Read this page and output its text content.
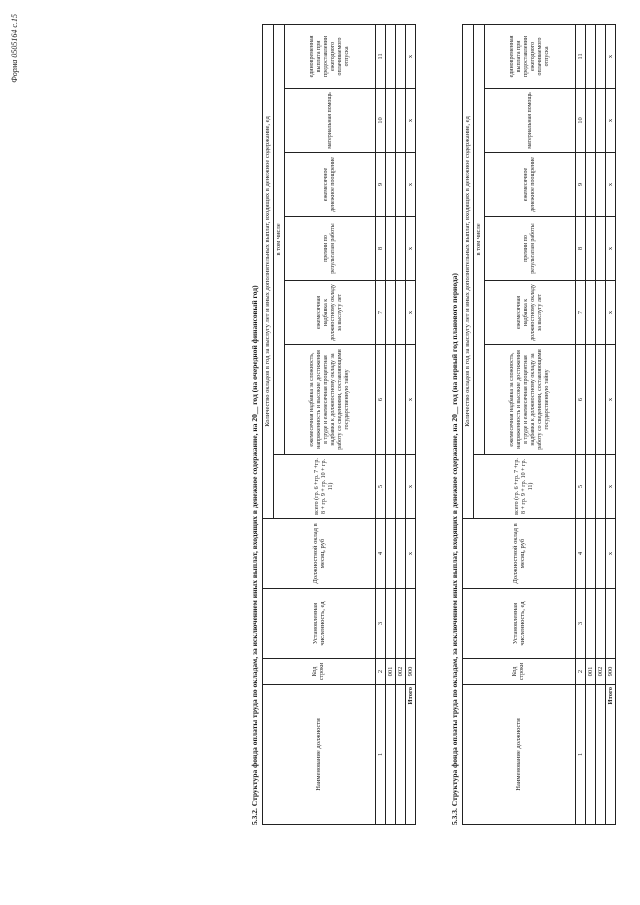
Форма 0505164 с.15
5.3.2. Структура фонда оплаты труда по окладам, за исключением иных выплат, входящих в денежное содержание, на 20__ год (на очередной финансовый год)	Наименование должности	Код строки	Установленная численность, ед	Должностной оклад в месяц, руб	Количество окладов в год за выслугу лет и иных дополнительных выплат, входящих в денежное содержание, ед						
				всего (гр. 6 +гр. 7 +гр. 8 + гр. 9 + гр. 10 + гр. 11)	в том числе					
					ежемесячная надбавка за сложность, напряженность и высокие достижения в труде и ежемесячная процентная надбавка к должностному окладу за работу со сведениями, составляющими государственную тайну	ежемесячная надбавка к должностному окладу за выслугу лет	премии по результатам работы	ежемесячное денежное поощрение	материальная помощь	единовременная выплата при предоставлении ежегодного оплачиваемого отпуска
1	2	3	4	5	6	7	8	9	10	11
	001									
	002									
Итого	900		x	x	x	x	x	x	x	x
5.3.3. Структура фонда оплаты труда по окладам, за исключением иных выплат, входящих в денежное содержание, на 20__ год (на первый год планового периода)	Наименование должности	Код строки	Установленная численность, ед	Должностной оклад в месяц, руб	Количество окладов в год за выслугу лет и иных дополнительных выплат, входящих в денежное содержание, ед						
				всего (гр. 6 +гр. 7 +гр. 8 + гр. 9 + гр. 10 + гр. 11)	в том числе					
					ежемесячная надбавка за сложность, напряженность и высокие достижения в труде и ежемесячная процентная надбавка к должностному окладу за работу со сведениями, составляющими государственную тайну	ежемесячная надбавка к должностному окладу за выслугу лет	премии по результатам работы	ежемесячное денежное поощрение	материальная помощь	единовременная выплата при предоставлении ежегодного оплачиваемого отпуска
1	2	3	4	5	6	7	8	9	10	11
	001									
	002									
Итого	900		x	x	x	x	x	x	x	x
